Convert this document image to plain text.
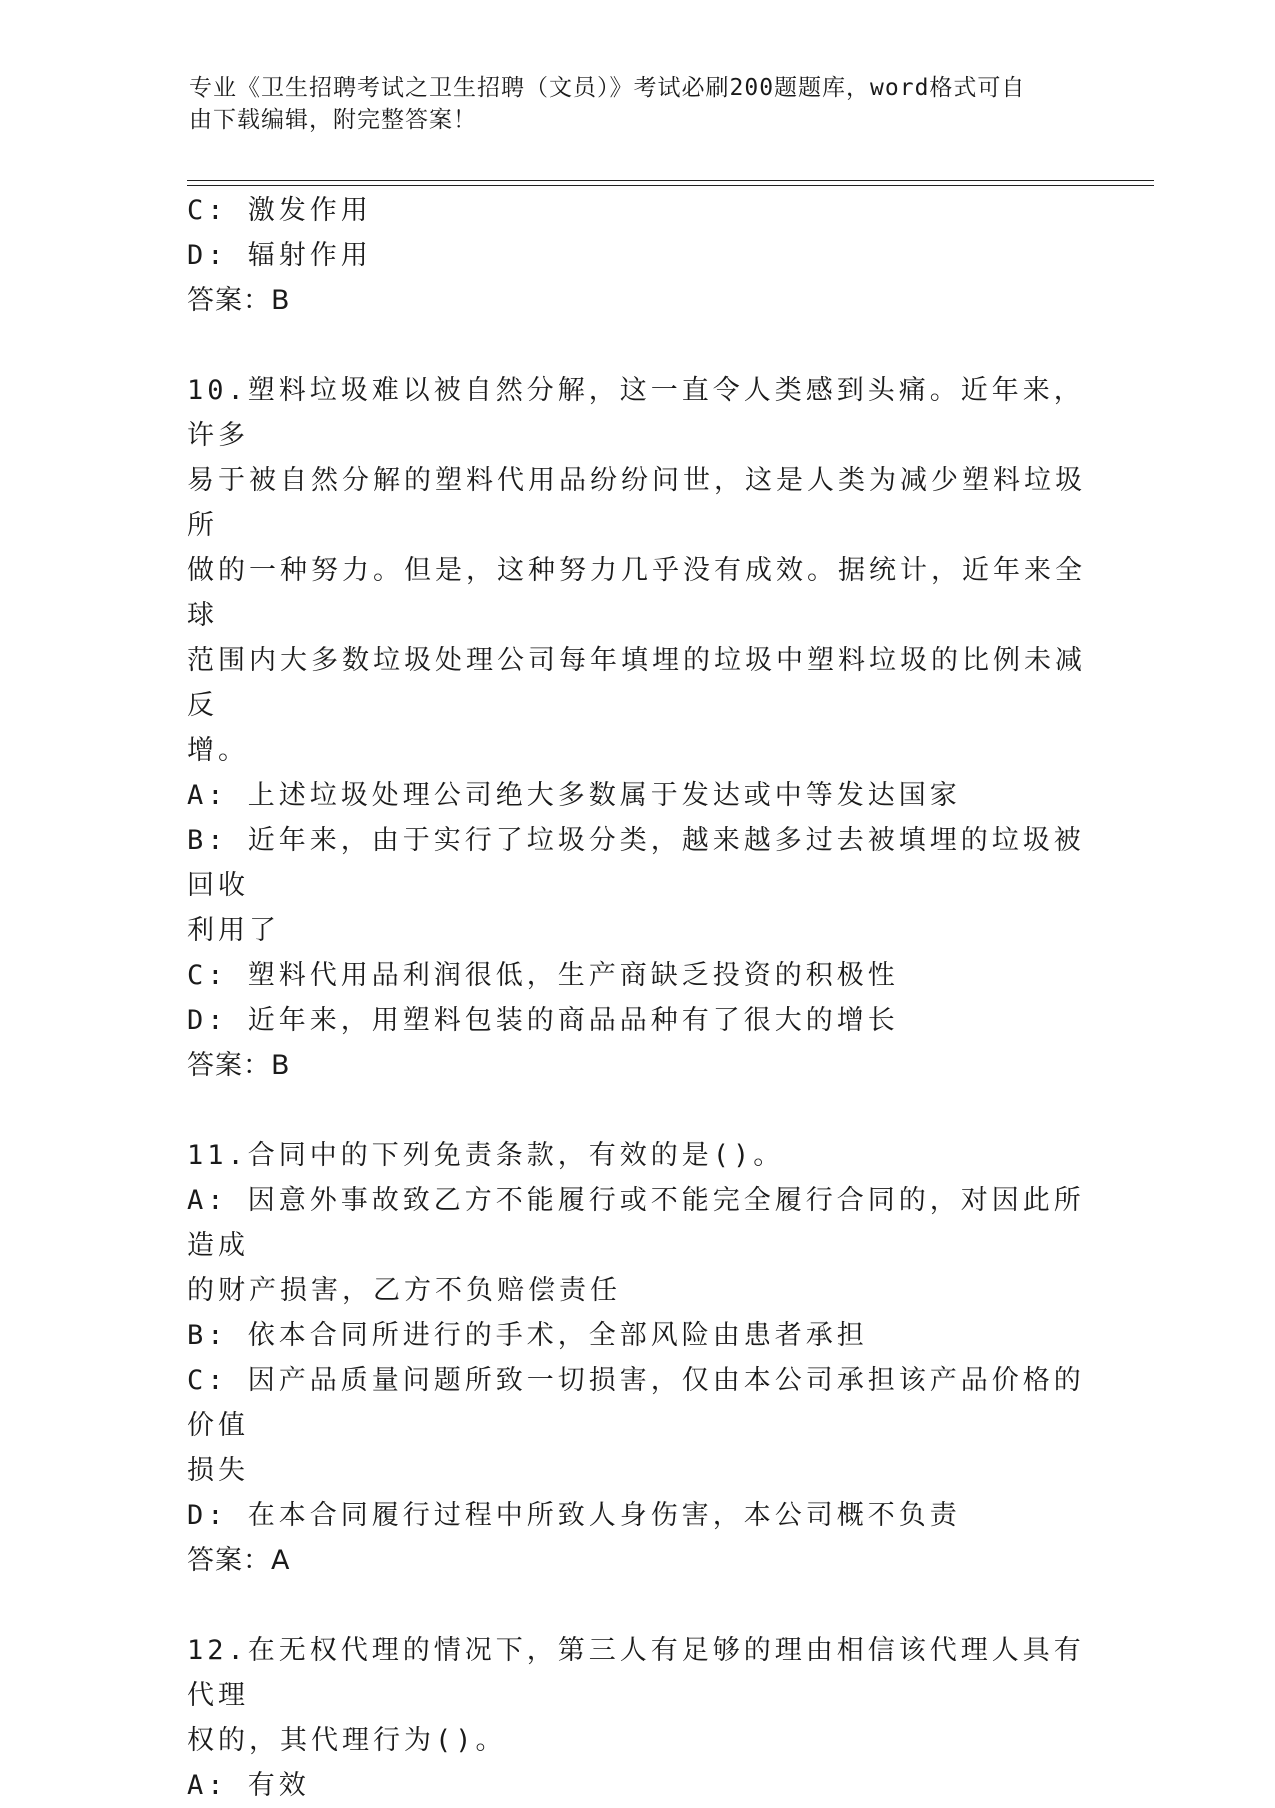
专业《卫生招聘考试之卫生招聘（文员）》考试必刷200题题库，word格式可自
由下载编辑，附完整答案！

C: 激发作用

D: 辐射作用

答案：B

10.塑料垃圾难以被自然分解，这一直令人类感到头痛。近年来，许多

易于被自然分解的塑料代用品纷纷问世，这是人类为减少塑料垃圾所

做的一种努力。但是，这种努力几乎没有成效。据统计，近年来全球

范围内大多数垃圾处理公司每年填埋的垃圾中塑料垃圾的比例未减反

增。

A: 上述垃圾处理公司绝大多数属于发达或中等发达国家

B: 近年来，由于实行了垃圾分类，越来越多过去被填埋的垃圾被回收

利用了

C: 塑料代用品利润很低，生产商缺乏投资的积极性

D: 近年来，用塑料包装的商品品种有了很大的增长

答案：B

11.合同中的下列免责条款，有效的是()。

A: 因意外事故致乙方不能履行或不能完全履行合同的，对因此所造成

的财产损害，乙方不负赔偿责任

B: 依本合同所进行的手术，全部风险由患者承担

C: 因产品质量问题所致一切损害，仅由本公司承担该产品价格的价值

损失

D: 在本合同履行过程中所致人身伤害，本公司概不负责

答案：A

12.在无权代理的情况下，第三人有足够的理由相信该代理人具有代理

权的，其代理行为()。

A: 有效
